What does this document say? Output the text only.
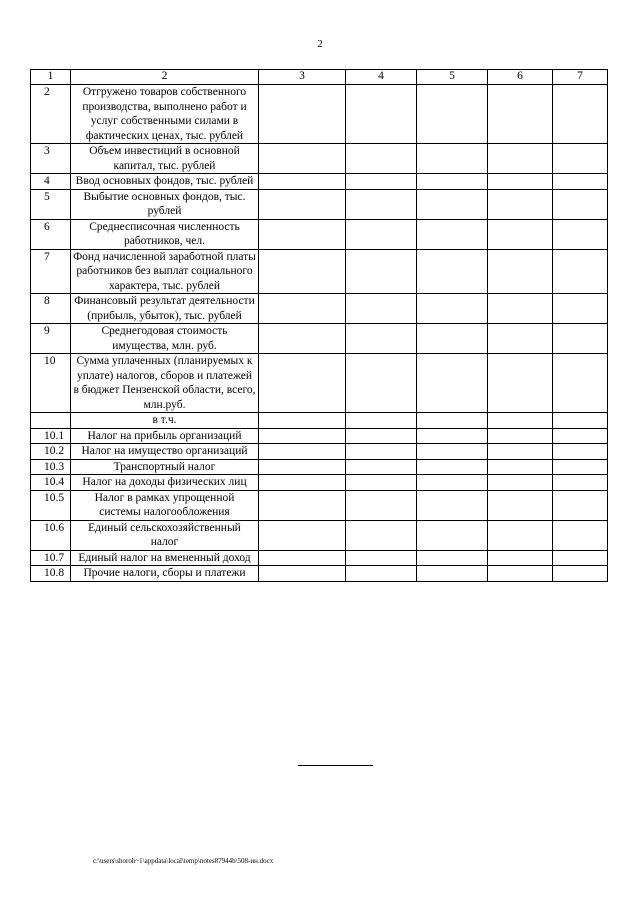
2
1	2	3	4	5	6	7
2	Отгружено товаров собственного производства, выполнено работ и услуг собственными силами в фактических ценах, тыс. рублей					
3	Объем инвестиций в основной капитал, тыс. рублей					
4	Ввод основных фондов, тыс. рублей					
5	Выбытие основных фондов, тыс. рублей					
6	Среднесписочная численность работников, чел.					
7	Фонд начисленной заработной платы работников без выплат социального характера, тыс. рублей					
8	Финансовый результат деятельности (прибыль, убыток), тыс. рублей					
9	Среднегодовая стоимость имущества, млн. руб.					
10	Сумма уплаченных (планируемых к уплате) налогов, сборов и платежей в бюджет Пензенской области, всего, млн.руб.					
	в т.ч.					
10.1	Налог на прибыль организаций					
10.2	Налог на имущество организаций					
10.3	Транспортный налог					
10.4	Налог на доходы физических лиц					
10.5	Налог в рамках упрощенной системы налогообложения					
10.6	Единый сельскохозяйственный налог					
10.7	Единый налог на вмененный доход					
10.8	Прочие налоги, сборы и платежи					
c:\users\shoroh~1\appdata\local\temp\notes87944b\508-ин.docx
